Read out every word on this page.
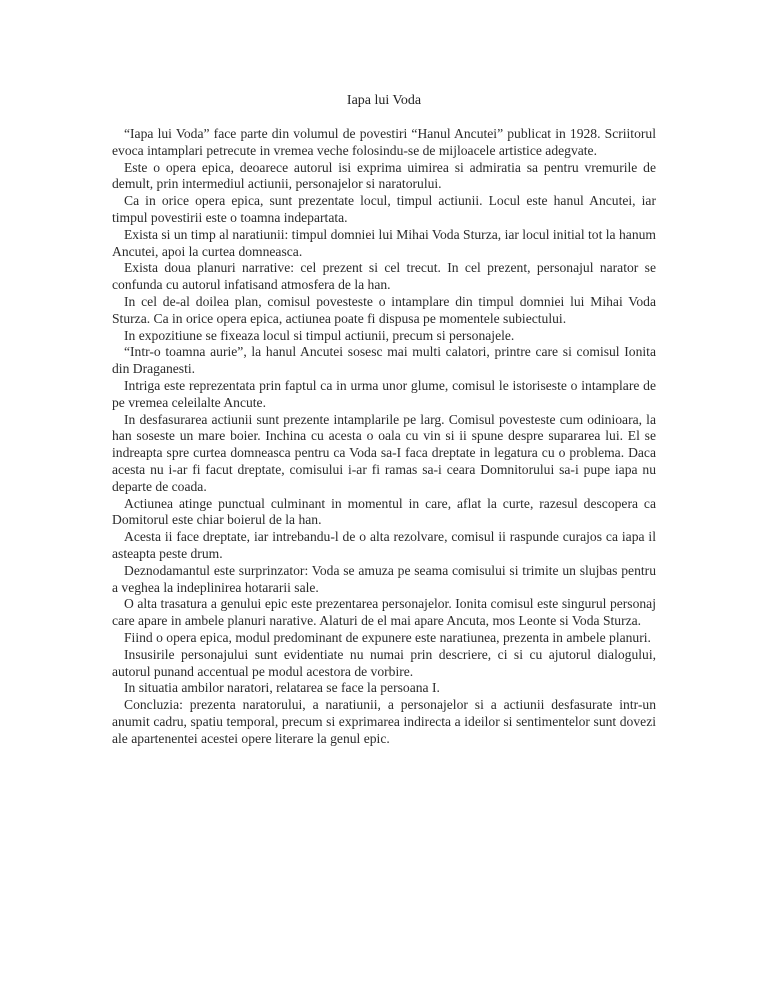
Iapa lui Voda

“Iapa lui Voda” face parte din volumul de povestiri “Hanul Ancutei” publicat in 1928. Scriitorul evoca intamplari petrecute in vremea veche folosindu-se de mijloacele artistice adegvate.

Este o opera epica, deoarece autorul isi exprima uimirea si admiratia sa pentru vremurile de demult, prin intermediul actiunii, personajelor si naratorului.

Ca in orice opera epica, sunt prezentate locul, timpul actiunii. Locul este hanul Ancutei, iar timpul povestirii este o toamna indepartata.

Exista si un timp al naratiunii: timpul domniei lui Mihai Voda Sturza, iar locul initial tot la hanum Ancutei, apoi la curtea domneasca.

Exista doua planuri narrative: cel prezent si cel trecut. In cel prezent, personajul narator se confunda cu autorul infatisand atmosfera de la han.

In cel de-al doilea plan, comisul povesteste o intamplare din timpul domniei lui Mihai Voda Sturza. Ca in orice opera epica, actiunea poate fi dispusa pe momentele subiectului.

In expozitiune se fixeaza locul si timpul actiunii, precum si personajele.

“Intr-o toamna aurie”, la hanul Ancutei sosesc mai multi calatori, printre care si comisul Ionita din Draganesti.

Intriga este reprezentata prin faptul ca in urma unor glume, comisul le istoriseste o intamplare de pe vremea celeilalte Ancute.

In desfasurarea actiunii sunt prezente intamplarile pe larg. Comisul povesteste cum odinioara, la han soseste un mare boier. Inchina cu acesta o oala cu vin si ii spune despre supararea lui. El se indreapta spre curtea domneasca pentru ca Voda sa-I faca dreptate in legatura cu o problema. Daca acesta nu i-ar fi facut dreptate, comisului i-ar fi ramas sa-i ceara Domnitorului sa-i pupe iapa nu departe de coada.

Actiunea atinge punctual culminant in momentul in care, aflat la curte, razesul descopera ca Domitorul este chiar boierul de la han.

Acesta ii face dreptate, iar intrebandu-l de o alta rezolvare, comisul ii raspunde curajos ca iapa il asteapta peste drum.

Deznodamantul este surprinzator: Voda se amuza pe seama comisului si trimite un slujbas pentru a veghea la indeplinirea hotararii sale.

O alta trasatura a genului epic este prezentarea personajelor. Ionita comisul este singurul personaj care apare in ambele planuri narative. Alaturi de el mai apare Ancuta, mos Leonte si Voda Sturza.

Fiind o opera epica, modul predominant de expunere este naratiunea, prezenta in ambele planuri.

Insusirile personajului sunt evidentiate nu numai prin descriere, ci si cu ajutorul dialogului, autorul punand accentual pe modul acestora de vorbire.

In situatia ambilor naratori, relatarea se face la persoana I.

Concluzia: prezenta naratorului, a naratiunii, a personajelor si a actiunii desfasurate intr-un anumit cadru, spatiu temporal, precum si exprimarea indirecta a ideilor si sentimentelor sunt dovezi ale apartenentei acestei opere literare la genul epic.
